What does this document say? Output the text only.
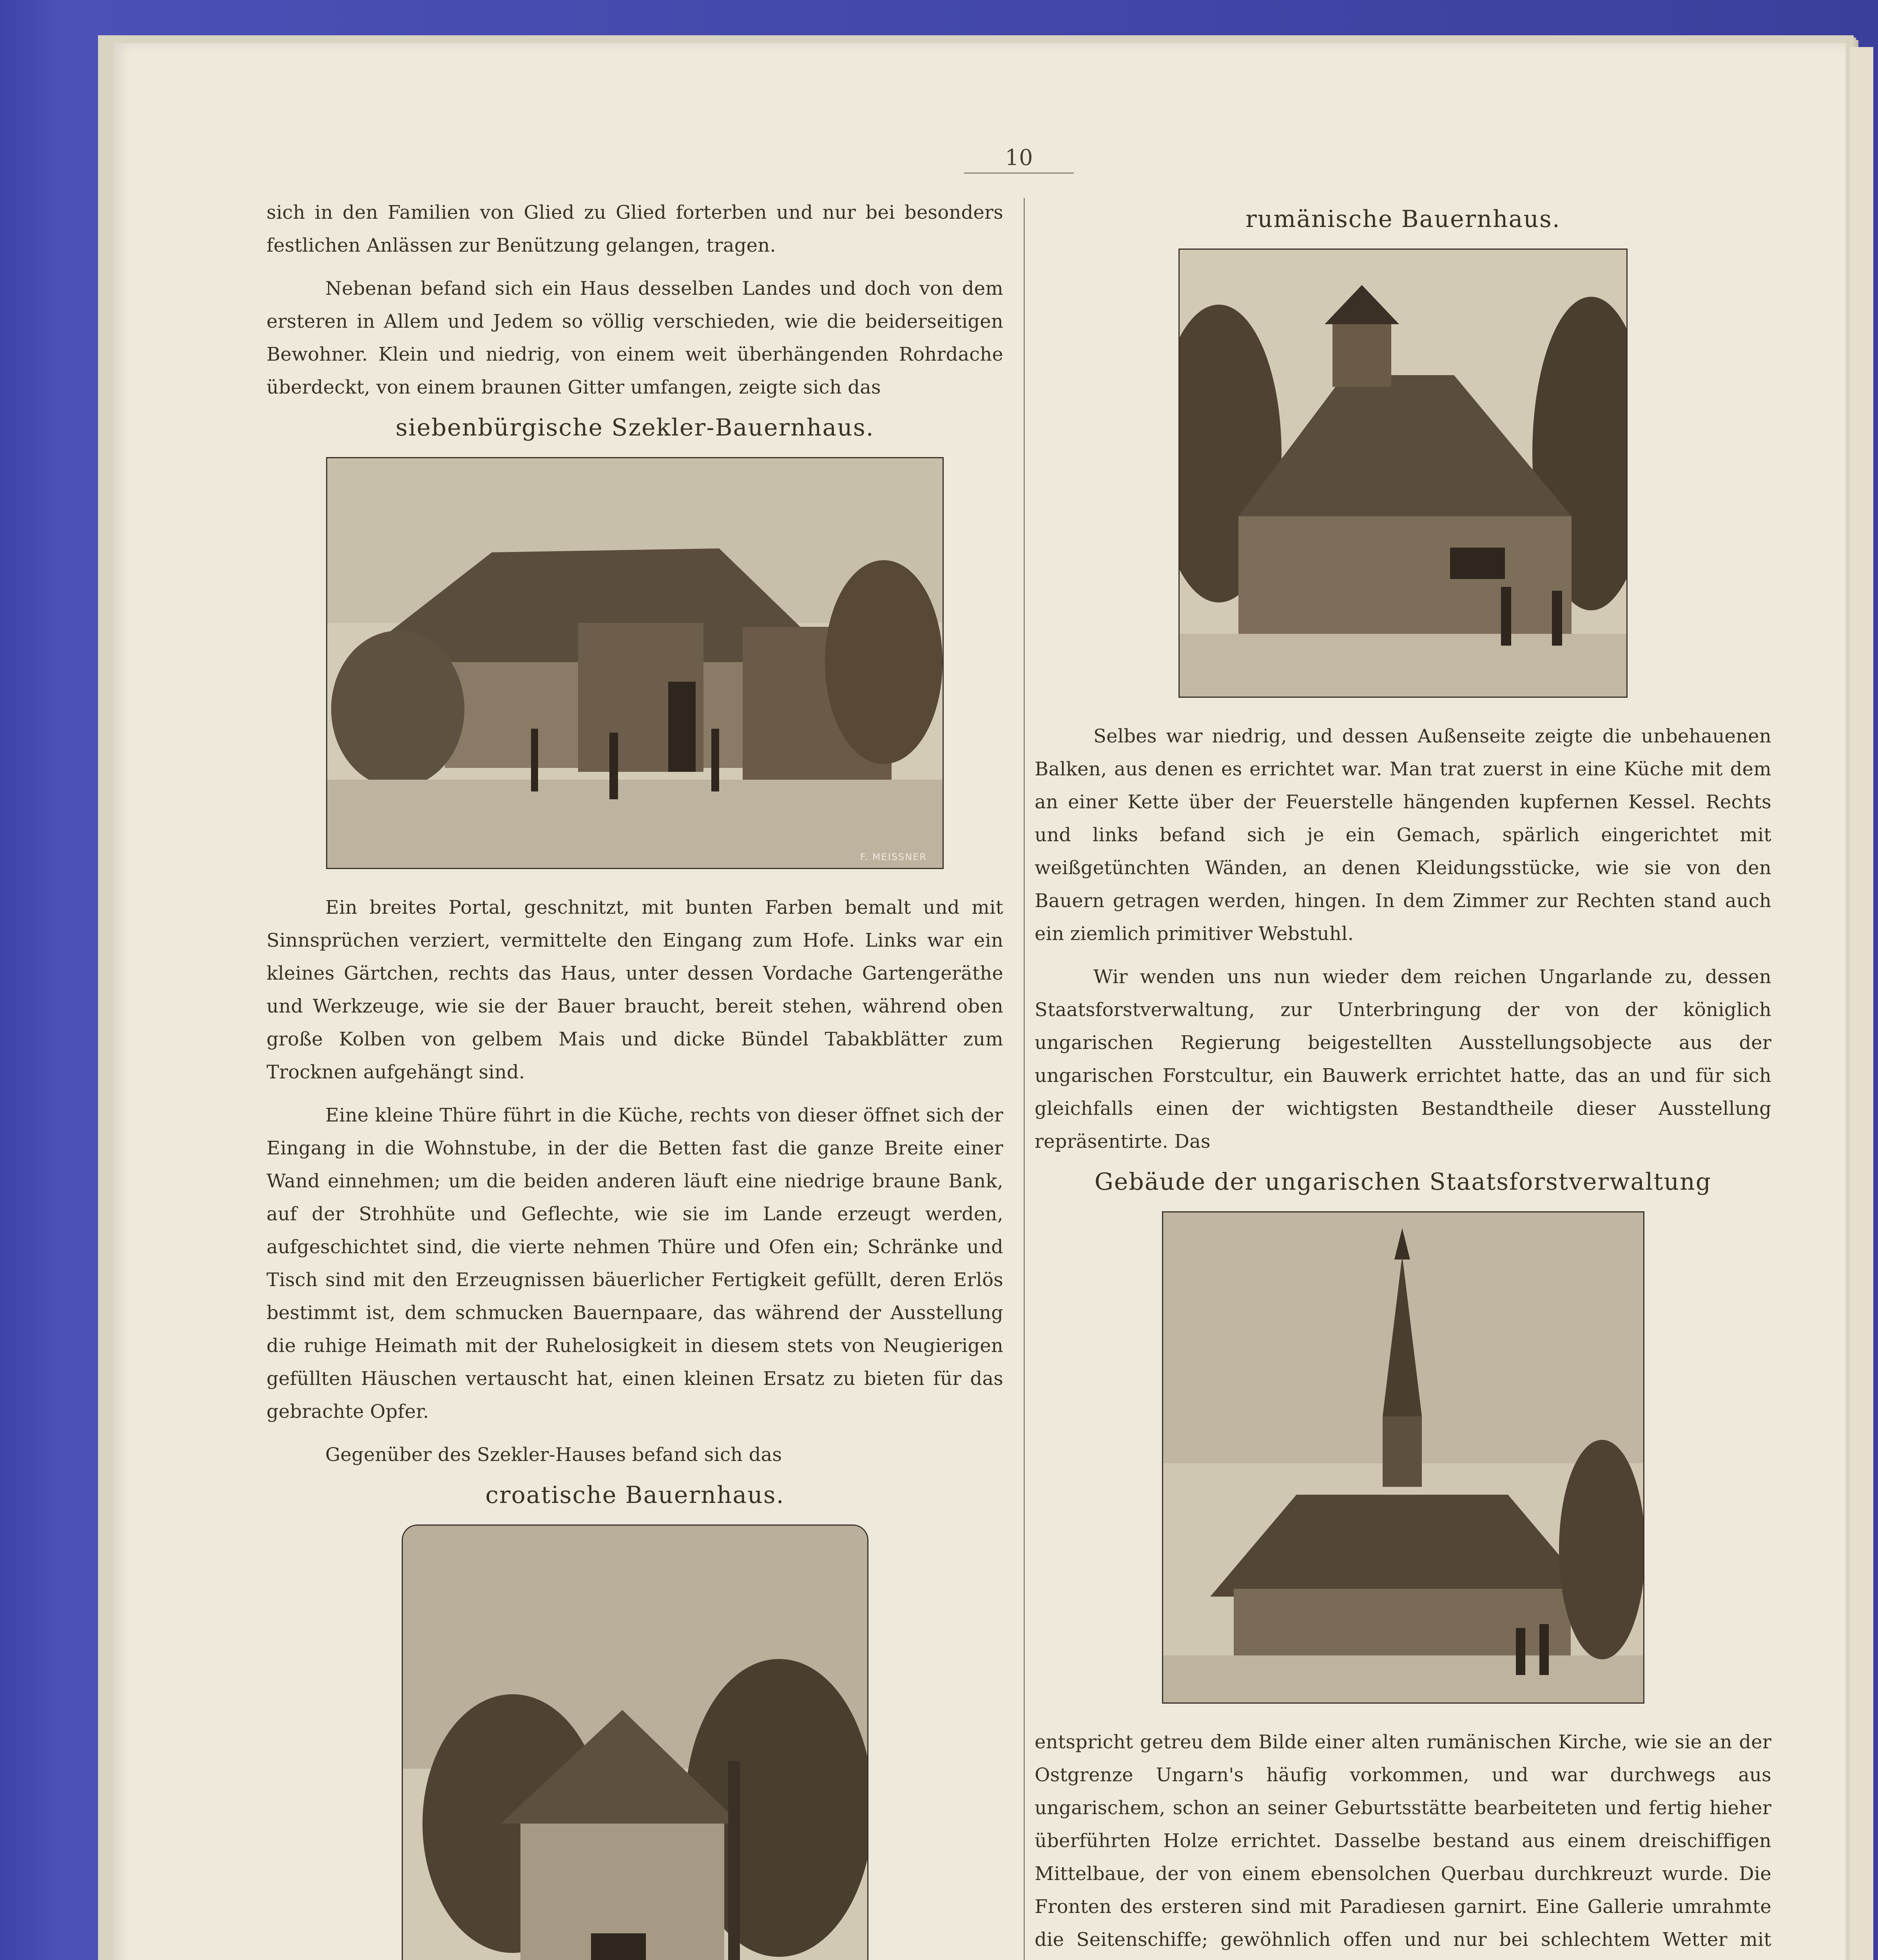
10

sich in den Familien von Glied zu Glied forterben und nur bei besonders festlichen Anlässen zur Benützung gelangen, tragen.

Nebenan befand sich ein Haus desselben Landes und doch von dem ersteren in Allem und Jedem so völlig verschieden, wie die beiderseitigen Bewohner. Klein und niedrig, von einem weit überhängenden Rohrdache überdeckt, von einem braunen Gitter umfangen, zeigte sich das

siebenbürgische Szekler-Bauernhaus.
F. MEISSNER

Ein breites Portal, geschnitzt, mit bunten Farben bemalt und mit Sinnsprüchen verziert, vermittelte den Eingang zum Hofe. Links war ein kleines Gärtchen, rechts das Haus, unter dessen Vordache Gartengeräthe und Werkzeuge, wie sie der Bauer braucht, bereit stehen, während oben große Kolben von gelbem Mais und dicke Bündel Tabakblätter zum Trocknen aufgehängt sind.

Eine kleine Thüre führt in die Küche, rechts von dieser öffnet sich der Eingang in die Wohnstube, in der die Betten fast die ganze Breite einer Wand einnehmen; um die beiden anderen läuft eine niedrige braune Bank, auf der Strohhüte und Geflechte, wie sie im Lande erzeugt werden, aufgeschichtet sind, die vierte nehmen Thüre und Ofen ein; Schränke und Tisch sind mit den Erzeugnissen bäuerlicher Fertigkeit gefüllt, deren Erlös bestimmt ist, dem schmucken Bauernpaare, das während der Ausstellung die ruhige Heimath mit der Ruhelosigkeit in diesem stets von Neugierigen gefüllten Häuschen vertauscht hat, einen kleinen Ersatz zu bieten für das gebrachte Opfer.

Gegenüber des Szekler-Hauses befand sich das

croatische Bauernhaus.

rumänische Bauernhaus.

Selbes war niedrig, und dessen Außenseite zeigte die unbehauenen Balken, aus denen es errichtet war. Man trat zuerst in eine Küche mit dem an einer Kette über der Feuerstelle hängenden kupfernen Kessel. Rechts und links befand sich je ein Gemach, spärlich eingerichtet mit weißgetünchten Wänden, an denen Kleidungsstücke, wie sie von den Bauern getragen werden, hingen. In dem Zimmer zur Rechten stand auch ein ziemlich primitiver Webstuhl.

Wir wenden uns nun wieder dem reichen Ungarlande zu, dessen Staatsforstverwaltung, zur Unterbringung der von der königlich ungarischen Regierung beigestellten Ausstellungsobjecte aus der ungarischen Forstcultur, ein Bauwerk errichtet hatte, das an und für sich gleichfalls einen der wichtigsten Bestandtheile dieser Ausstellung repräsentirte. Das

Gebäude der ungarischen Staatsforstverwaltung

entspricht getreu dem Bilde einer alten rumänischen Kirche, wie sie an der Ostgrenze Ungarn's häufig vorkommen, und war durchwegs aus ungarischem, schon an seiner Geburtsstätte bearbeiteten und fertig hieher überführten Holze errichtet. Dasselbe bestand aus einem dreischiffigen Mittelbaue, der von einem ebensolchen Querbau durchkreuzt wurde. Die Fronten des ersteren sind mit Paradiesen garnirt. Eine Gallerie umrahmte die Seitenschiffe; gewöhnlich offen und nur bei schlechtem Wetter mit
